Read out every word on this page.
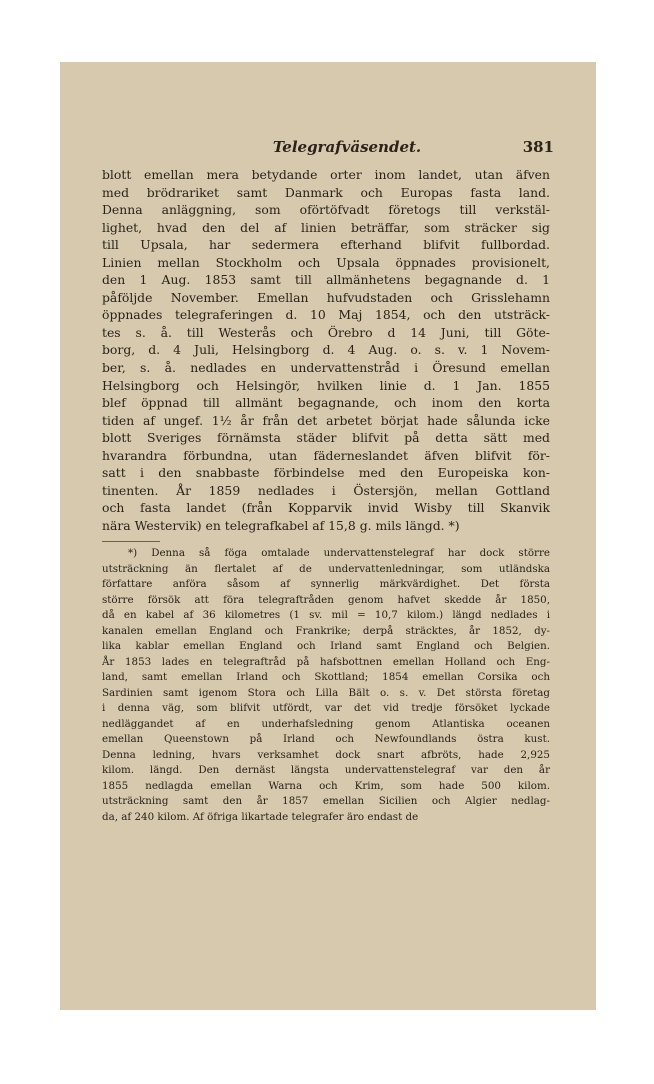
Telegrafväsendet.	381
blott emellan mera betydande orter inom landet, utan äfven
med brödrariket samt Danmark och Europas fasta land.
Denna anläggning, som oförtöfvadt företogs till verkstäl-
lighet, hvad den del af linien beträffar, som sträcker sig
till Upsala, har sedermera efterhand blifvit fullbordad.
Linien mellan Stockholm och Upsala öppnades provisionelt,
den 1 Aug. 1853 samt till allmänhetens begagnande d. 1
påföljde November. Emellan hufvudstaden och Grisslehamn
öppnades telegraferingen d. 10 Maj 1854, och den utsträck-
tes s. å. till Westerås och Örebro d 14 Juni, till Göte-
borg, d. 4 Juli, Helsingborg d. 4 Aug. o. s. v. 1 Novem-
ber, s. å. nedlades en undervattenstråd i Öresund emellan
Helsingborg och Helsingör, hvilken linie d. 1 Jan. 1855
blef öppnad till allmänt begagnande, och inom den korta
tiden af ungef. 1½ år från det arbetet börjat hade sålunda icke
blott Sveriges förnämsta städer blifvit på detta sätt med
hvarandra förbundna, utan fäderneslandet äfven blifvit för-
satt i den snabbaste förbindelse med den Europeiska kon-
tinenten. År 1859 nedlades i Östersjön, mellan Gottland
och fasta landet (från Kopparvik invid Wisby till Skanvik
nära Westervik) en telegrafkabel af 15,8 g. mils längd. *)
*) Denna så föga omtalade undervattenstelegraf har dock större
utsträckning än flertalet af de undervattenledningar, som utländska
författare anföra såsom af synnerlig märkvärdighet. Det första
större försök att föra telegraftråden genom hafvet skedde år 1850,
då en kabel af 36 kilometres (1 sv. mil = 10,7 kilom.) längd nedlades i
kanalen emellan England och Frankrike; derpå sträcktes, år 1852, dy-
lika kablar emellan England och Irland samt England och Belgien.
År 1853 lades en telegraftråd på hafsbottnen emellan Holland och Eng-
land, samt emellan Irland och Skottland; 1854 emellan Corsika och
Sardinien samt igenom Stora och Lilla Bält o. s. v. Det största företag
i denna väg, som blifvit utfördt, var det vid tredje försöket lyckade
nedläggandet af en underhafsledning genom Atlantiska oceanen
emellan Queenstown på Irland och Newfoundlands östra kust.
Denna ledning, hvars verksamhet dock snart afbröts, hade 2,925
kilom. längd. Den dernäst längsta undervattenstelegraf var den år
1855 nedlagda emellan Warna och Krim, som hade 500 kilom.
utsträckning samt den år 1857 emellan Sicilien och Algier nedlag-
da, af 240 kilom. Af öfriga likartade telegrafer äro endast de
